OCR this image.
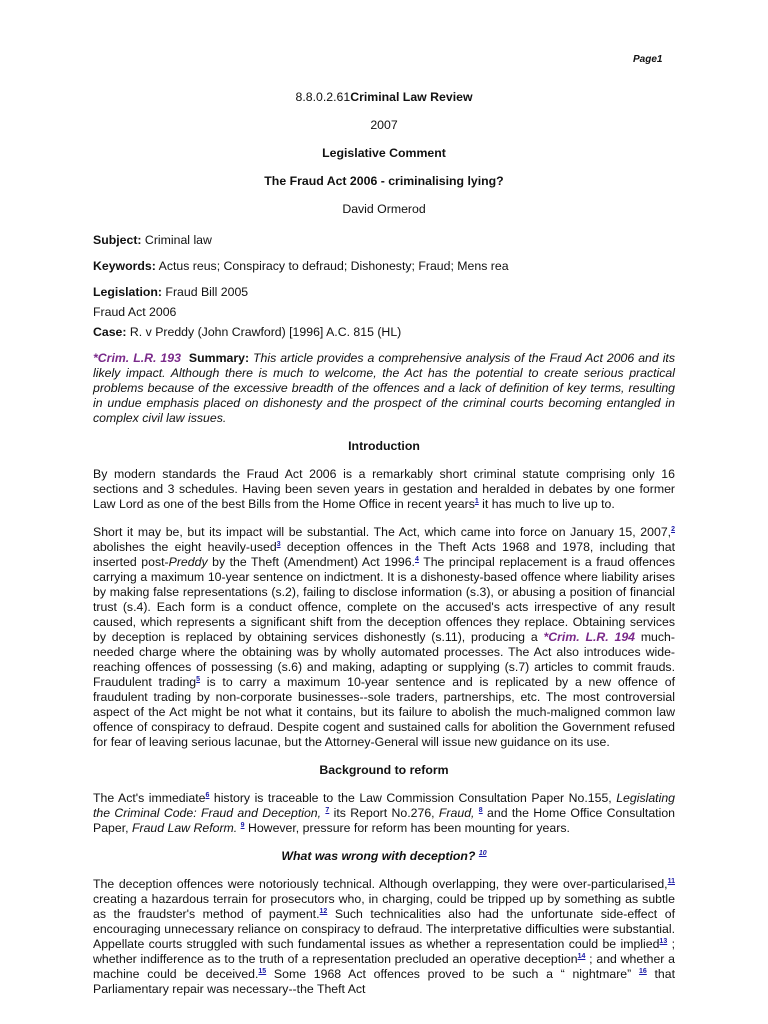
Page1
8.8.0.2.61Criminal Law Review
2007
Legislative Comment
The Fraud Act 2006 - criminalising lying?
David Ormerod
Subject: Criminal law
Keywords: Actus reus; Conspiracy to defraud; Dishonesty; Fraud; Mens rea
Legislation: Fraud Bill 2005
Fraud Act 2006
Case: R. v Preddy (John Crawford) [1996] A.C. 815 (HL)

*Crim. L.R. 193 Summary: This article provides a comprehensive analysis of the Fraud Act 2006 and its likely impact. Although there is much to welcome, the Act has the potential to create serious practical problems because of the excessive breadth of the offences and a lack of definition of key terms, resulting in undue emphasis placed on dishonesty and the prospect of the criminal courts becoming entangled in complex civil law issues.

Introduction

By modern standards the Fraud Act 2006 is a remarkably short criminal statute comprising only 16 sections and 3 schedules. Having been seven years in gestation and heralded in debates by one former Law Lord as one of the best Bills from the Home Office in recent years$^1$ it has much to live up to.

Short it may be, but its impact will be substantial. The Act, which came into force on January 15, 2007,$^2$ abolishes the eight heavily-used$^3$ deception offences in the Theft Acts 1968 and 1978, including that inserted post-Preddy by the Theft (Amendment) Act 1996.$^4$ The principal replacement is a fraud offences carrying a maximum 10-year sentence on indictment. It is a dishonesty-based offence where liability arises by making false representations (s.2), failing to disclose information (s.3), or abusing a position of financial trust (s.4). Each form is a conduct offence, complete on the accused's acts irrespective of any result caused, which represents a significant shift from the deception offences they replace. Obtaining services by deception is replaced by obtaining services dishonestly (s.11), producing a *Crim. L.R. 194 much-needed charge where the obtaining was by wholly automated processes. The Act also introduces wide-reaching offences of possessing (s.6) and making, adapting or supplying (s.7) articles to commit frauds. Fraudulent trading$^5$ is to carry a maximum 10-year sentence and is replicated by a new offence of fraudulent trading by non-corporate businesses--sole traders, partnerships, etc. The most controversial aspect of the Act might be not what it contains, but its failure to abolish the much-maligned common law offence of conspiracy to defraud. Despite cogent and sustained calls for abolition the Government refused for fear of leaving serious lacunae, but the Attorney-General will issue new guidance on its use.

Background to reform

The Act's immediate$^6$ history is traceable to the Law Commission Consultation Paper No.155, Legislating the Criminal Code: Fraud and Deception, $^7$ its Report No.276, Fraud, $^8$ and the Home Office Consultation Paper, Fraud Law Reform. $^9$ However, pressure for reform has been mounting for years.

What was wrong with deception? $^{10}$

The deception offences were notoriously technical. Although overlapping, they were over-particularised,$^{11}$ creating a hazardous terrain for prosecutors who, in charging, could be tripped up by something as subtle as the fraudster's method of payment.$^{12}$ Such technicalities also had the unfortunate side-effect of encouraging unnecessary reliance on conspiracy to defraud. The interpretative difficulties were substantial. Appellate courts struggled with such fundamental issues as whether a representation could be implied$^{13}$ ; whether indifference as to the truth of a representation precluded an operative deception$^{14}$ ; and whether a machine could be deceived.$^{15}$ Some 1968 Act offences proved to be such a “ nightmare” $^{16}$ that Parliamentary repair was necessary--the Theft Act
